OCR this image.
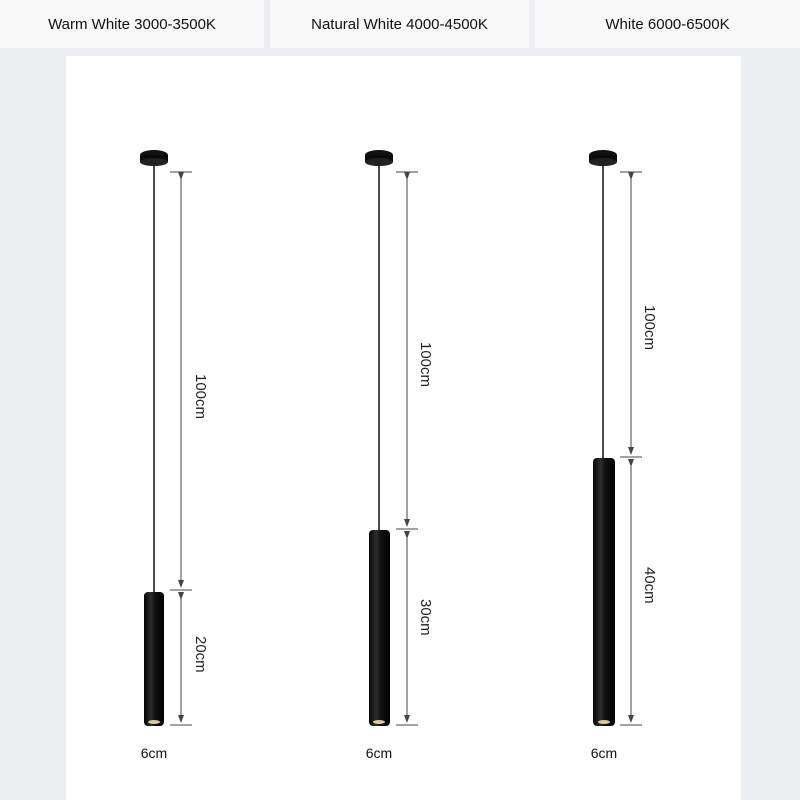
Warm White 3000-3500K	Natural White 4000-4500K	White 6000-6500K
100cm
20cm
100cm
30cm
100cm
40cm
6cm	6cm	6cm
